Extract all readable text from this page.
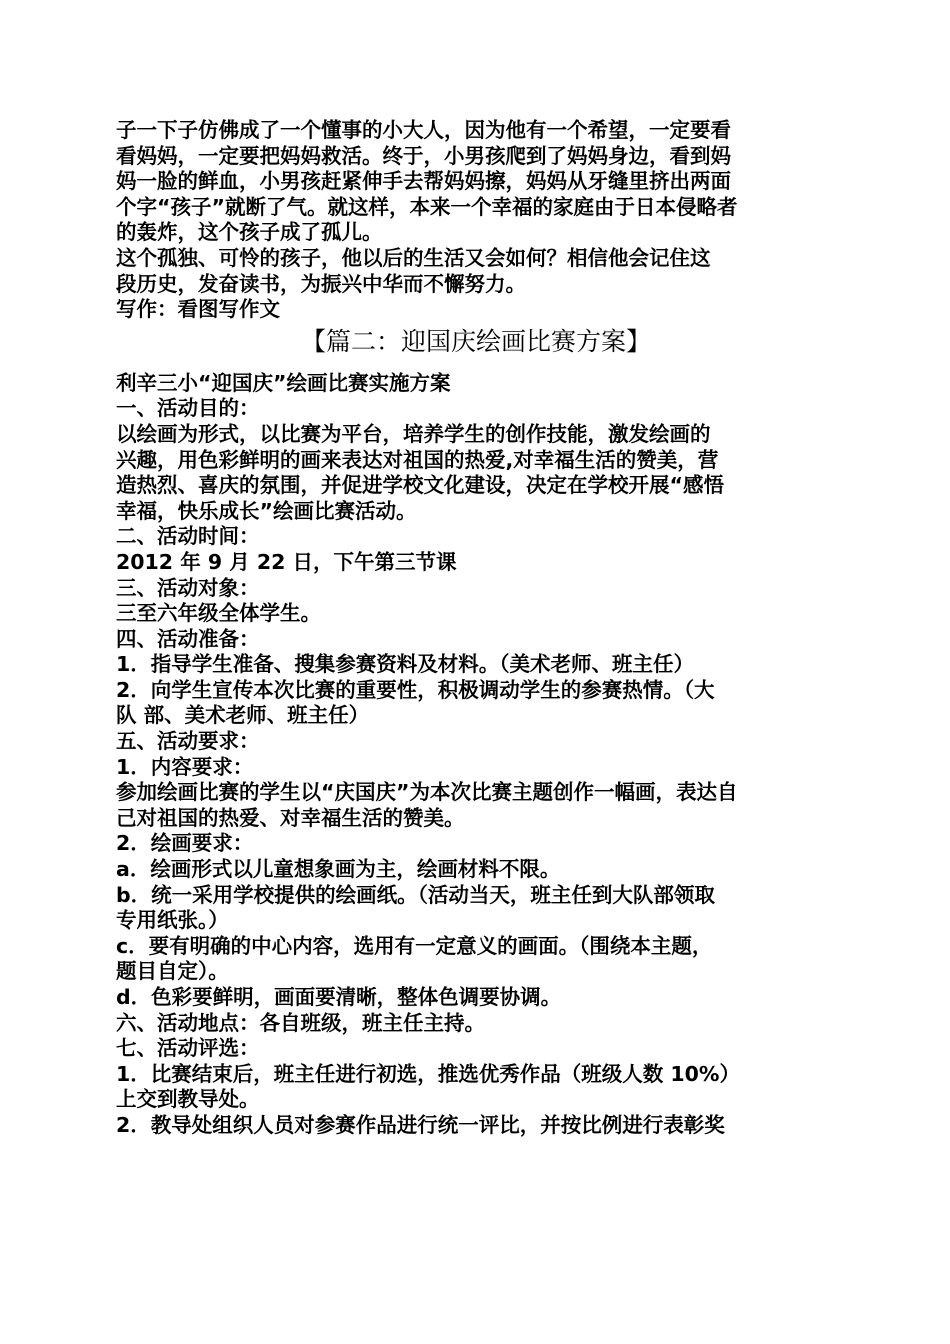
子一下子仿佛成了一个懂事的小大人，因为他有一个希望，一定要看
看妈妈，一定要把妈妈救活。终于，小男孩爬到了妈妈身边，看到妈
妈一脸的鲜血，小男孩赶紧伸手去帮妈妈擦，妈妈从牙缝里挤出两面
个字“孩子”就断了气。就这样，本来一个幸福的家庭由于日本侵略者
的轰炸，这个孩子成了孤儿。
这个孤独、可怜的孩子，他以后的生活又会如何？相信他会记住这
段历史，发奋读书，为振兴中华而不懈努力。
写作：看图写作文
【篇二：迎国庆绘画比赛方案】
利辛三小“迎国庆”绘画比赛实施方案
一、活动目的：
以绘画为形式，以比赛为平台，培养学生的创作技能，激发绘画的
兴趣，用色彩鲜明的画来表达对祖国的热爱,对幸福生活的赞美，营
造热烈、喜庆的氛围，并促进学校文化建设，决定在学校开展“感悟
幸福，快乐成长”绘画比赛活动。
二、活动时间：
2012 年 9 月 22 日，下午第三节课
三、活动对象：
三至六年级全体学生。
四、活动准备：
1．指导学生准备、搜集参赛资料及材料。（美术老师、班主任）
2．向学生宣传本次比赛的重要性，积极调动学生的参赛热情。（大
队 部、美术老师、班主任）
五、活动要求：
1．内容要求：
参加绘画比赛的学生以“庆国庆”为本次比赛主题创作一幅画，表达自
己对祖国的热爱、对幸福生活的赞美。
2．绘画要求：
a．绘画形式以儿童想象画为主，绘画材料不限。
b．统一采用学校提供的绘画纸。（活动当天，班主任到大队部领取
专用纸张。）
c．要有明确的中心内容，选用有一定意义的画面。（围绕本主题，
题目自定）。
d．色彩要鲜明，画面要清晰，整体色调要协调。
六、活动地点：各自班级，班主任主持。
七、活动评选：
1．比赛结束后，班主任进行初选，推选优秀作品（班级人数 10%）
上交到教导处。
2．教导处组织人员对参赛作品进行统一评比，并按比例进行表彰奖
